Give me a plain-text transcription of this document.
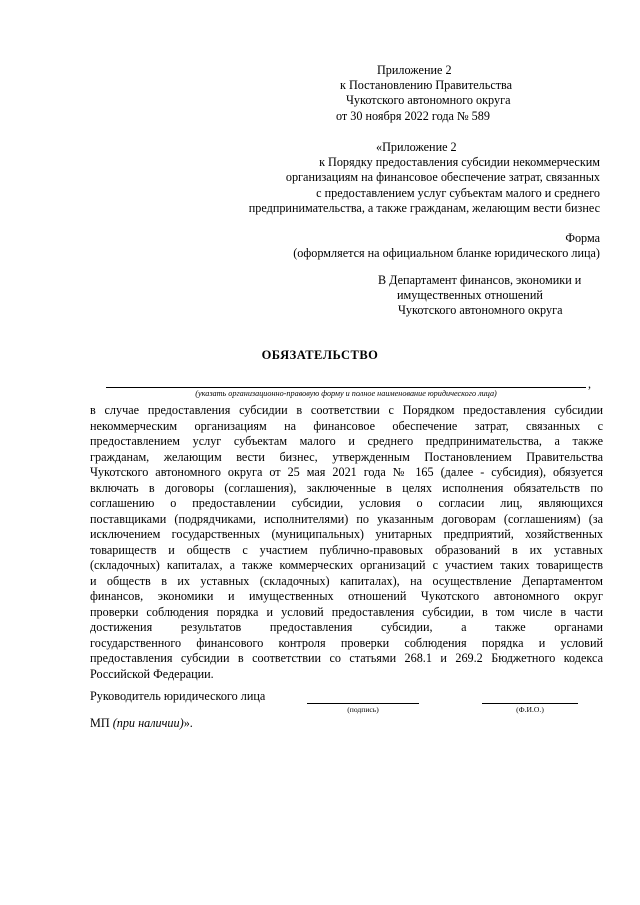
Приложение 2
к Постановлению Правительства
Чукотского автономного округа
от 30 ноября 2022 года № 589
«Приложение 2
к Порядку предоставления субсидии некоммерческим
организациям на финансовое обеспечение затрат, связанных
с предоставлением услуг субъектам малого и среднего
предпринимательства, а также гражданам, желающим вести бизнес
Форма
(оформляется на официальном бланке юридического лица)
В Департамент финансов, экономики и
имущественных отношений
Чукотского автономного округа
ОБЯЗАТЕЛЬСТВО
,
(указать организационно-правовую форму и полное наименование юридического лица)
в случае предоставления субсидии в соответствии с Порядком предоставления субсидии
некоммерческим организациям на финансовое обеспечение затрат, связанных с
предоставлением услуг субъектам малого и среднего предпринимательства, а также
гражданам, желающим вести бизнес, утвержденным Постановлением Правительства
Чукотского автономного округа от 25 мая 2021 года № 165 (далее - субсидия), обязуется
включать в договоры (соглашения), заключенные в целях исполнения обязательств по
соглашению о предоставлении субсидии, условия о согласии лиц, являющихся
поставщиками (подрядчиками, исполнителями) по указанным договорам (соглашениям) (за
исключением государственных (муниципальных) унитарных предприятий, хозяйственных
товариществ и обществ с участием публично-правовых образований в их уставных
(складочных) капиталах, а также коммерческих организаций с участием таких товариществ
и обществ в их уставных (складочных) капиталах), на осуществление Департаментом
финансов, экономики и имущественных отношений Чукотского автономного округ
проверки соблюдения порядка и условий предоставления субсидии, в том числе в части
достижения результатов предоставления субсидии, а также органами
государственного финансового контроля проверки соблюдения порядка и условий
предоставления субсидии в соответствии со статьями 268.1 и 269.2 Бюджетного кодекса
Российской Федерации.
Руководитель юридического лица
(подпись)	(Ф.И.О.)
МП (при наличии)».
